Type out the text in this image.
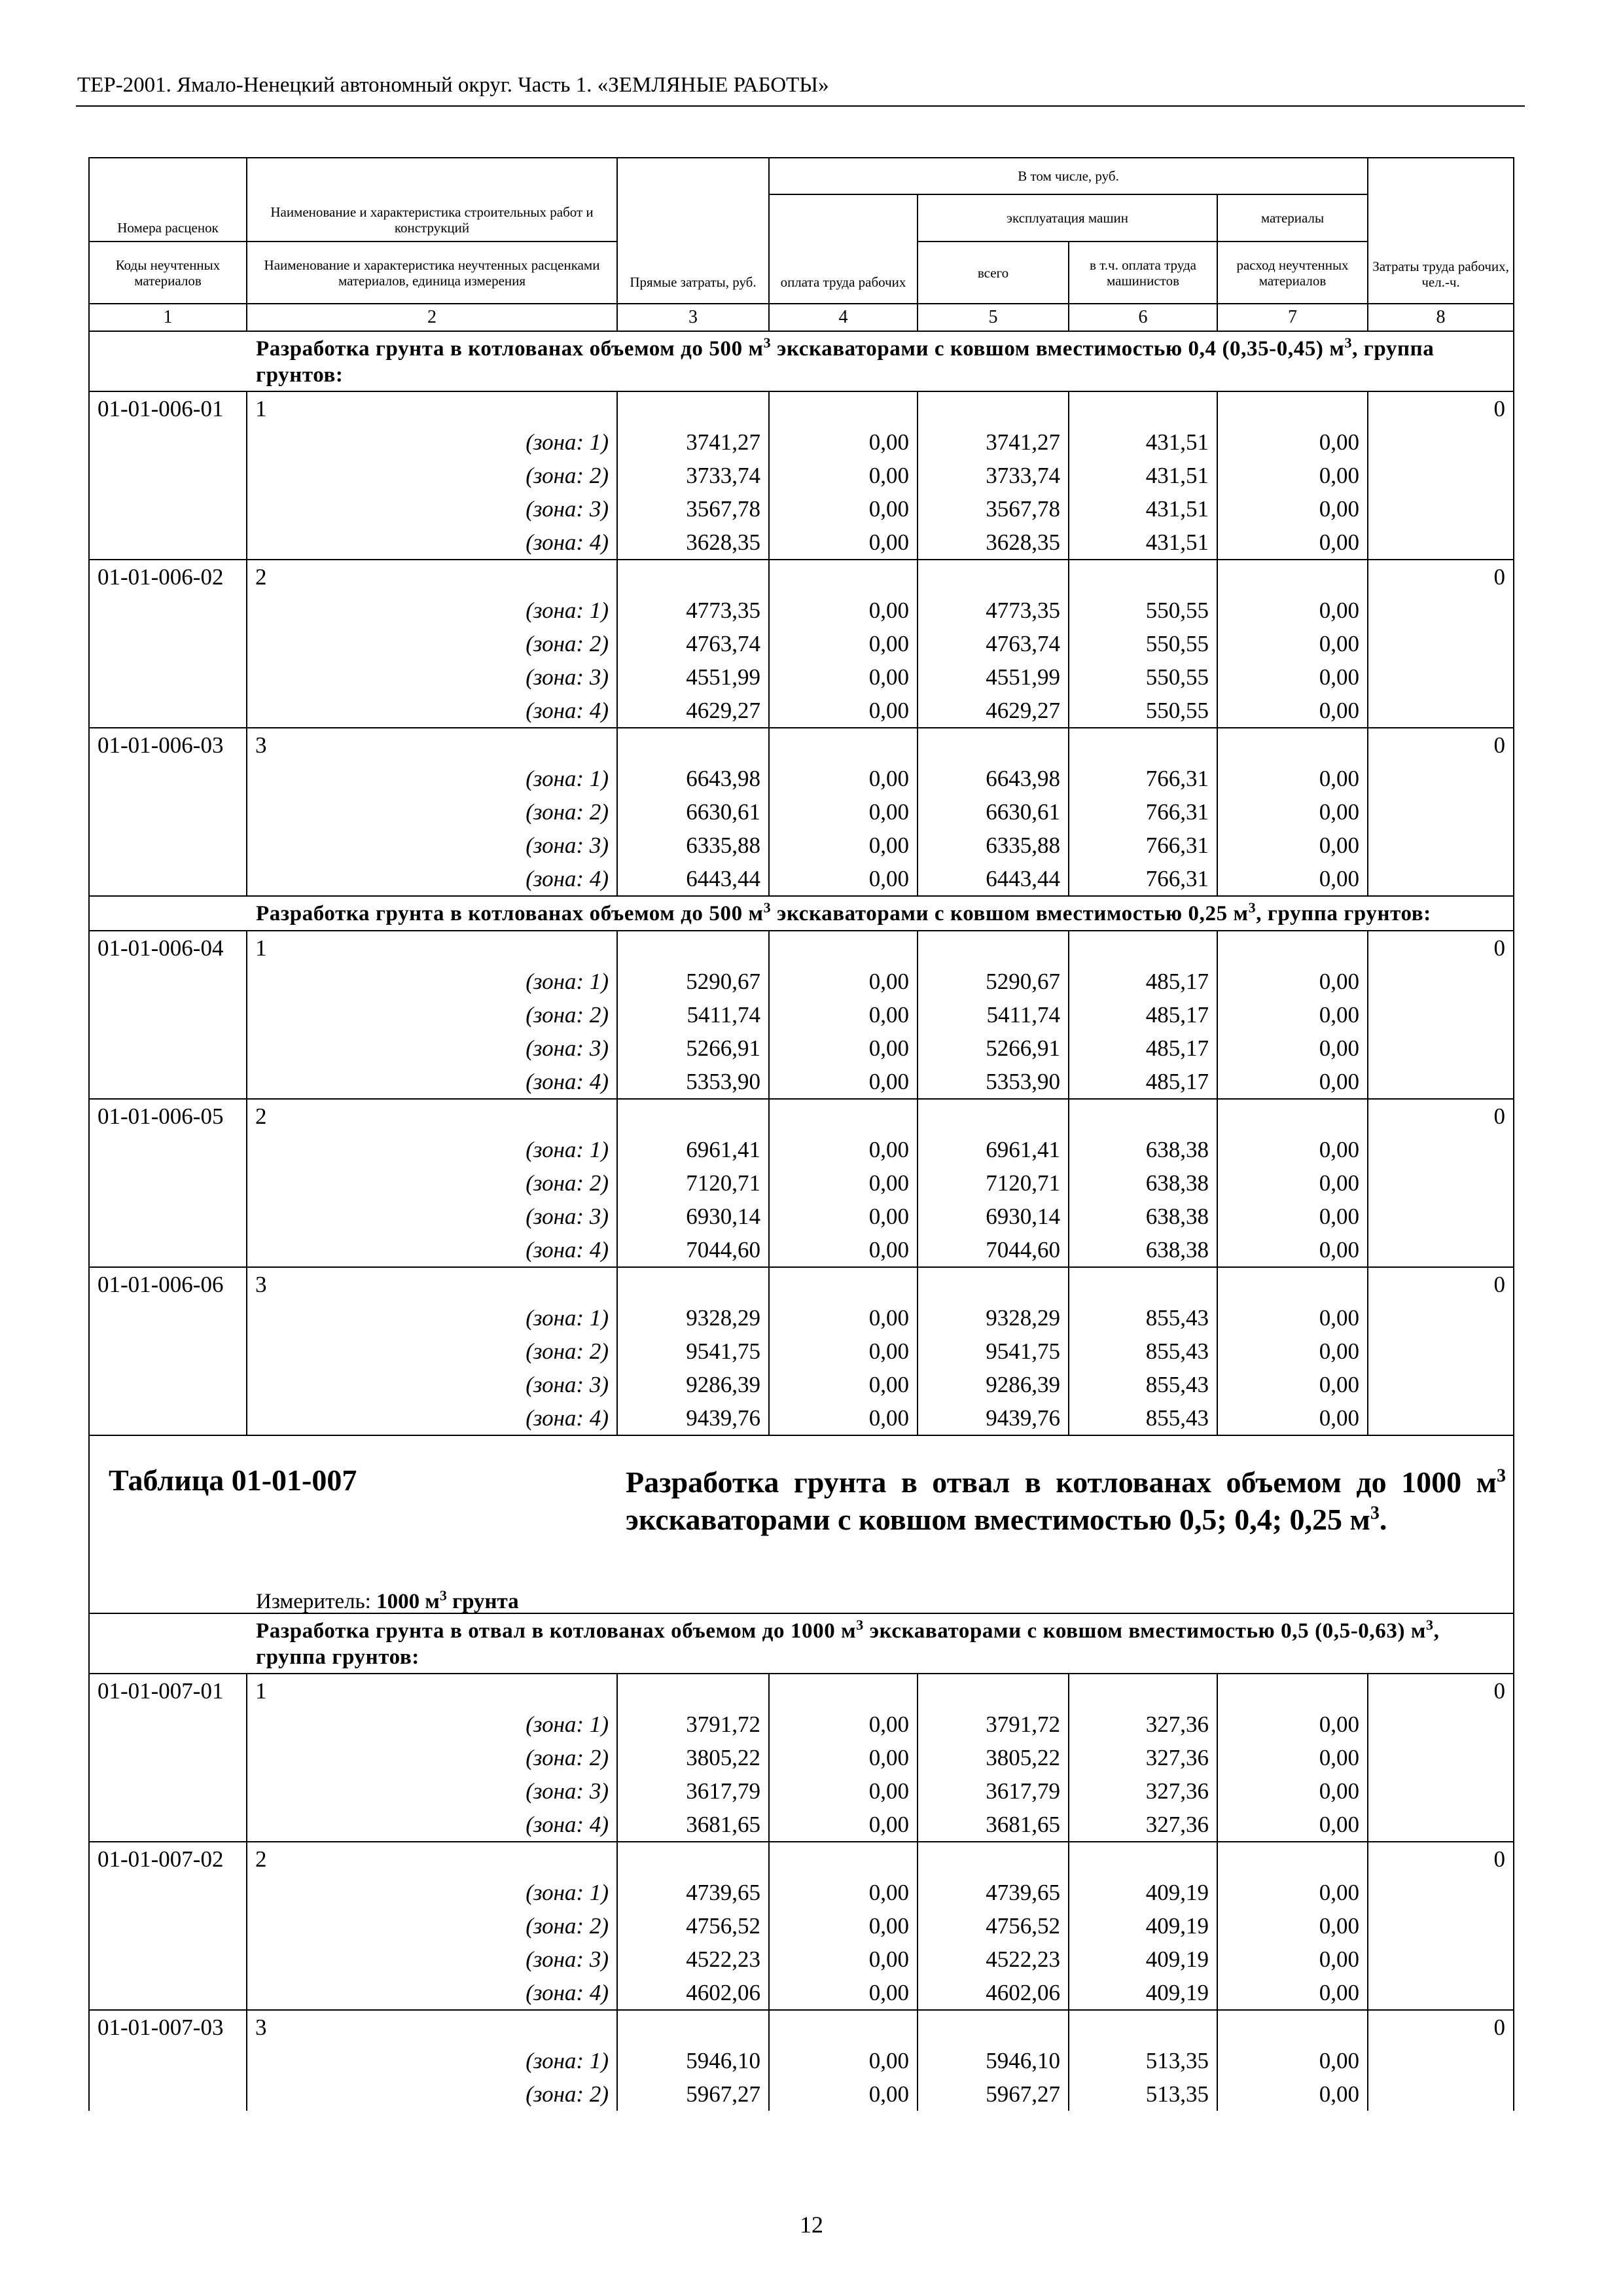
ТЕР-2001. Ямало-Ненецкий автономный округ. Часть 1. «ЗЕМЛЯНЫЕ РАБОТЫ»
Номера расценок	Наименование и характеристика строительных работ и конструкций	Прямые затраты, руб.	В том числе, руб.				Затраты труда рабочих, чел.-ч.
			оплата труда рабочих	эксплуатация машин		материалы	
Коды неучтенных материалов	Наименование и характеристика неучтенных расценками материалов, единица измерения			всего	в т.ч. оплата труда машинистов	расход неучтенных материалов	
1	2	3	4	5	6	7	8
	Разработка грунта в котлованах объемом до 500 $м^3$ экскаваторами с ковшом вместимостью 0,4 (0,35-0,45) $м^3$, группа грунтов:						
01-01-006-01	1						0
	(зона: 1)	3741,27	0,00	3741,27	431,51	0,00	
	(зона: 2)	3733,74	0,00	3733,74	431,51	0,00	
	(зона: 3)	3567,78	0,00	3567,78	431,51	0,00	
	(зона: 4)	3628,35	0,00	3628,35	431,51	0,00	
01-01-006-02	2						0
	(зона: 1)	4773,35	0,00	4773,35	550,55	0,00	
	(зона: 2)	4763,74	0,00	4763,74	550,55	0,00	
	(зона: 3)	4551,99	0,00	4551,99	550,55	0,00	
	(зона: 4)	4629,27	0,00	4629,27	550,55	0,00	
01-01-006-03	3						0
	(зона: 1)	6643,98	0,00	6643,98	766,31	0,00	
	(зона: 2)	6630,61	0,00	6630,61	766,31	0,00	
	(зона: 3)	6335,88	0,00	6335,88	766,31	0,00	
	(зона: 4)	6443,44	0,00	6443,44	766,31	0,00	
	Разработка грунта в котлованах объемом до 500 $м^3$ экскаваторами с ковшом вместимостью 0,25 $м^3$, группа грунтов:						
01-01-006-04	1						0
	(зона: 1)	5290,67	0,00	5290,67	485,17	0,00	
	(зона: 2)	5411,74	0,00	5411,74	485,17	0,00	
	(зона: 3)	5266,91	0,00	5266,91	485,17	0,00	
	(зона: 4)	5353,90	0,00	5353,90	485,17	0,00	
01-01-006-05	2						0
	(зона: 1)	6961,41	0,00	6961,41	638,38	0,00	
	(зона: 2)	7120,71	0,00	7120,71	638,38	0,00	
	(зона: 3)	6930,14	0,00	6930,14	638,38	0,00	
	(зона: 4)	7044,60	0,00	7044,60	638,38	0,00	
01-01-006-06	3						0
	(зона: 1)	9328,29	0,00	9328,29	855,43	0,00	
	(зона: 2)	9541,75	0,00	9541,75	855,43	0,00	
	(зона: 3)	9286,39	0,00	9286,39	855,43	0,00	
	(зона: 4)	9439,76	0,00	9439,76	855,43	0,00	

Таблица 01-01-007 Разработка грунта в отвал в котлованах объемом до 1000 $м^3$ экскаваторами с ковшом вместимостью 0,5; 0,4; 0,25 $м^3$.
Измеритель: 1000 $м^3$ грунта							

	Разработка грунта в отвал в котлованах объемом до 1000 $м^3$ экскаваторами с ковшом вместимостью 0,5 (0,5-0,63) $м^3$, группа грунтов:						
01-01-007-01	1						0
	(зона: 1)	3791,72	0,00	3791,72	327,36	0,00	
	(зона: 2)	3805,22	0,00	3805,22	327,36	0,00	
	(зона: 3)	3617,79	0,00	3617,79	327,36	0,00	
	(зона: 4)	3681,65	0,00	3681,65	327,36	0,00	
01-01-007-02	2						0
	(зона: 1)	4739,65	0,00	4739,65	409,19	0,00	
	(зона: 2)	4756,52	0,00	4756,52	409,19	0,00	
	(зона: 3)	4522,23	0,00	4522,23	409,19	0,00	
	(зона: 4)	4602,06	0,00	4602,06	409,19	0,00	
01-01-007-03	3						0
	(зона: 1)	5946,10	0,00	5946,10	513,35	0,00	
	(зона: 2)	5967,27	0,00	5967,27	513,35	0,00	
12
